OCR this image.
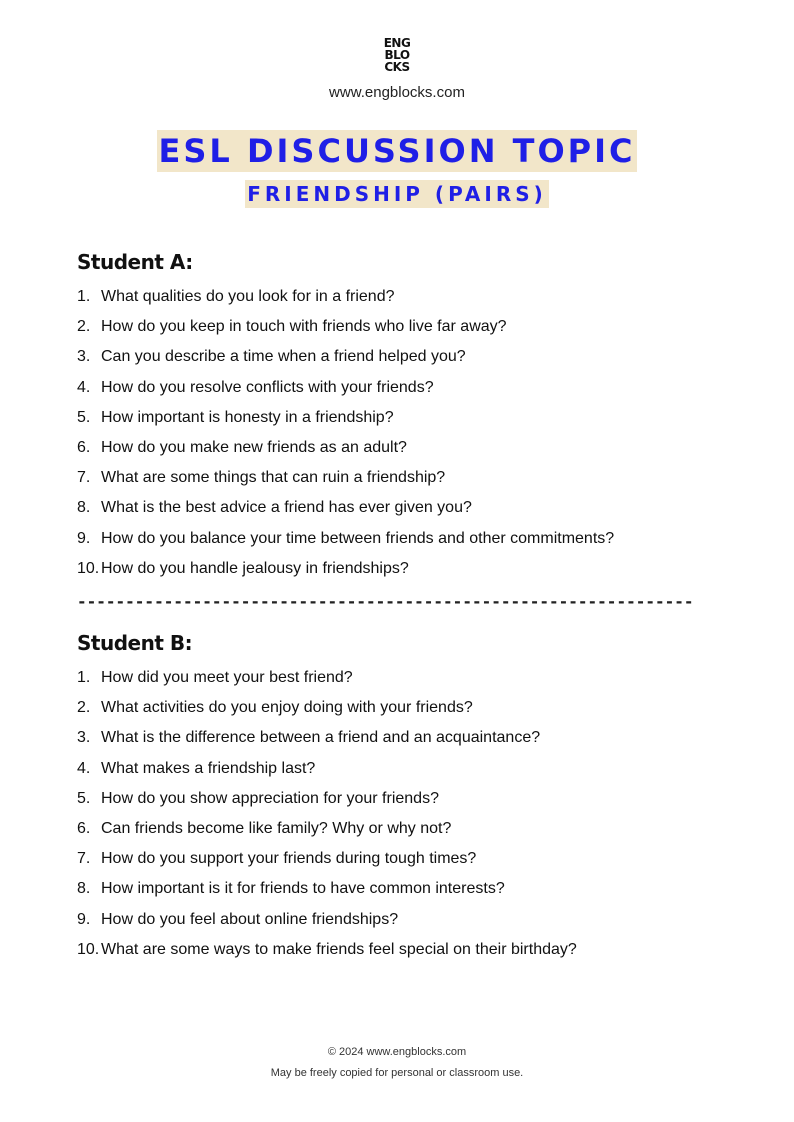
ENG
BLO
CKS
www.engblocks.com
ESL DISCUSSION TOPIC
FRIENDSHIP (PAIRS)
Student A:
1. What qualities do you look for in a friend?
2. How do you keep in touch with friends who live far away?
3. Can you describe a time when a friend helped you?
4. How do you resolve conflicts with your friends?
5. How important is honesty in a friendship?
6. How do you make new friends as an adult?
7. What are some things that can ruin a friendship?
8. What is the best advice a friend has ever given you?
9. How do you balance your time between friends and other commitments?
10. How do you handle jealousy in friendships?
----------------------------------------------------------------
Student B:
1. How did you meet your best friend?
2. What activities do you enjoy doing with your friends?
3. What is the difference between a friend and an acquaintance?
4. What makes a friendship last?
5. How do you show appreciation for your friends?
6. Can friends become like family? Why or why not?
7. How do you support your friends during tough times?
8. How important is it for friends to have common interests?
9. How do you feel about online friendships?
10. What are some ways to make friends feel special on their birthday?
© 2024 www.engblocks.com
May be freely copied for personal or classroom use.
